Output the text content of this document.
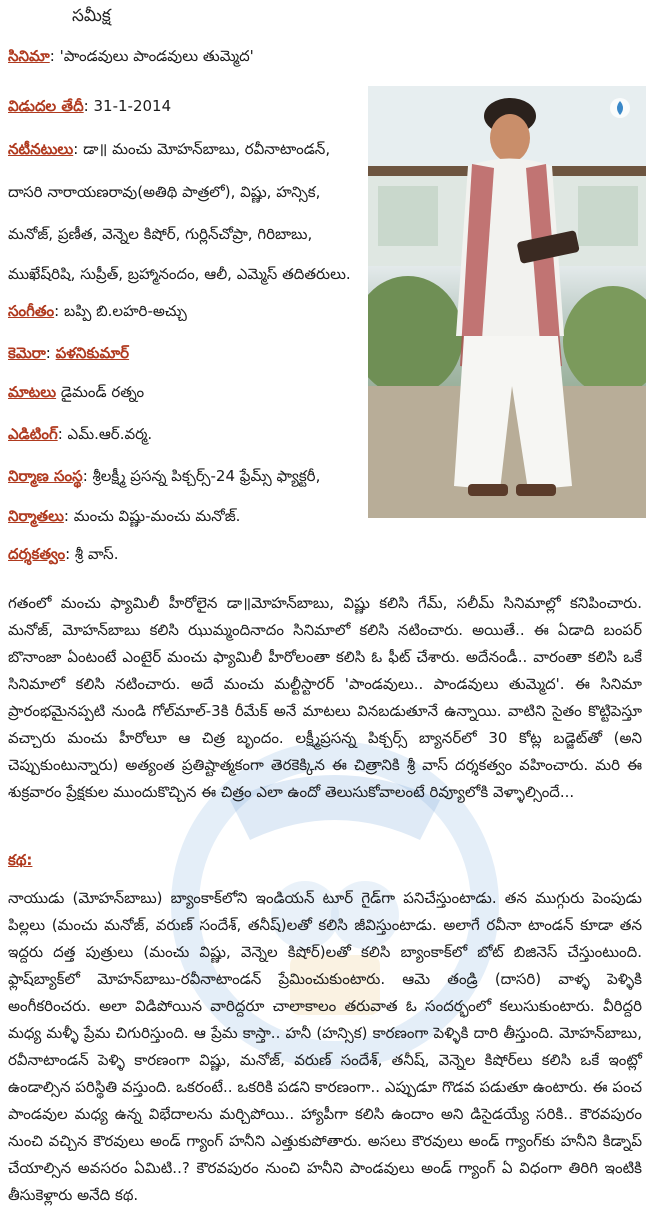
సమీక్ష
సినిమా: 'పాండవులు పాండవులు తుమ్మెద'
విడుదల తేదీ: 31-1-2014
నటీనటులు: డా॥ మంచు మోహన్‌బాబు, రవీనాటాండన్,
దాసరి నారాయణరావు(అతిథి పాత్రలో), విష్ణు, హన్సిక,
మనోజ్, ప్రణీత, వెన్నెల కిషోర్, గుర్లిన్‌చోప్రా, గిరిబాబు,
ముఖేష్‌రిషి, సుప్రీత్, బ్రహ్మానందం, ఆలీ, ఎమ్మెస్ తదితరులు.
సంగీతం: బప్పి బి.లహరి-అచ్చు
కెమెరా: పళనికుమార్
మాటలు డైమండ్ రత్నం
ఎడిటింగ్: ఎమ్.ఆర్.వర్మ.
నిర్మాణ సంస్థ: శ్రీలక్ష్మీ ప్రసన్న పిక్చర్స్-24 ఫ్రేమ్స్ ఫ్యాక్టరీ,
నిర్మాతలు: మంచు విష్ణు-మంచు మనోజ్.
దర్శకత్వం: శ్రీ వాస్.

గతంలో మంచు ఫ్యామిలీ హీరోలైన డా॥మోహన్‌బాబు, విష్ణు కలిసి గేమ్, సలీమ్ సినిమాల్లో కనిపించారు. మనోజ్, మోహన్‌బాబు కలిసి ఝుమ్మందినాదం సినిమాలో కలిసి నటించారు. అయితే.. ఈ ఏడాది బంపర్ బొనాంజా ఏంటంటే ఎంటైర్ మంచు ఫ్యామిలీ హీరోలంతా కలిసి ఓ ఫీట్ చేశారు. అదేనండీ.. వారంతా కలిసి ఒకే సినిమాలో కలిసి నటించారు. అదే మంచు మల్టీస్టారర్ 'పాండవులు.. పాండవులు తుమ్మెద'. ఈ సినిమా ప్రారంభమైనప్పటి నుండి గోల్‌మాల్-3కి రీమేక్ అనే మాటలు వినబడుతూనే ఉన్నాయి. వాటిని సైతం కొట్టిపెస్తూ వచ్చారు మంచు హీరోలూ ఆ చిత్ర బృందం. లక్ష్మీప్రసన్న పిక్చర్స్ బ్యానర్‌లో 30 కోట్ల బడ్జెట్‌తో (అని చెప్పుకుంటున్నారు) అత్యంత ప్రతిష్టాత్మకంగా తెరకెక్కిన ఈ చిత్రానికి శ్రీ వాస్ దర్శకత్వం వహించారు. మరి ఈ శుక్రవారం ప్రేక్షకుల ముందుకొచ్చిన ఈ చిత్రం ఎలా ఉందో తెలుసుకోవాలంటే రివ్యూలోకి వెళ్ళాల్సిందే...

కథ:

నాయుడు (మోహన్‌బాబు) బ్యాంకాక్‌లోని ఇండియన్ టూర్ గైడ్‌గా పనిచేస్తుంటాడు. తన ముగ్గురు పెంపుడు పిల్లలు (మంచు మనోజ్, వరుణ్ సందేశ్, తనీష్)లతో కలిసి జీవిస్తుంటాడు. అలాగే రవీనా టాండన్ కూడా తన ఇద్దరు దత్త పుత్రులు (మంచు విష్ణు, వెన్నెల కిషోర్)లతో కలిసి బ్యాంకాక్‌లో బోట్ బిజినెస్ చేస్తుంటుంది. ఫ్లాష్‌బ్యాక్‌లో మోహన్‌బాబు-రవీనాటాండన్ ప్రేమించుకుంటారు. ఆమె తండ్రి (దాసరి) వాళ్ళ పెళ్ళికి అంగీకరించరు. అలా విడిపోయిన వారిద్దరూ చాలాకాలం తరువాత ఓ సందర్భంలో కలుసుకుంటారు. వీరిద్దరి మధ్య మళ్ళీ ప్రేమ చిగురిస్తుంది. ఆ ప్రేమ కాస్తా.. హనీ (హన్సిక) కారణంగా పెళ్ళికి దారి తీస్తుంది. మోహన్‌బాబు, రవీనాటాండన్ పెళ్ళి కారణంగా విష్ణు, మనోజ్, వరుణ్ సందేశ్, తనీష్, వెన్నెల కిషోర్‌లు కలిసి ఒకే ఇంట్లో ఉండాల్సిన పరిస్థితి వస్తుంది. ఒకరంటే.. ఒకరికి పడని కారణంగా.. ఎప్పుడూ గొడవ పడుతూ ఉంటారు. ఈ పంచ పాండవుల మధ్య ఉన్న విభేదాలను మర్చిపోయి.. హ్యాపీగా కలిసి ఉందాం అని డిసైడయ్యే సరికి.. కౌరవపురం నుంచి వచ్చిన కౌరవులు అండ్ గ్యాంగ్ హనీని ఎత్తుకుపోతారు. అసలు కౌరవులు అండ్ గ్యాంగ్‌కు హనీని కిడ్నాప్ చేయాల్సిన అవసరం ఏమిటి..? కౌరవపురం నుంచి హనీని పాండవులు అండ్ గ్యాంగ్ ఏ విధంగా తిరిగి ఇంటికి తీసుకెళ్లారు అనేది కథ.
